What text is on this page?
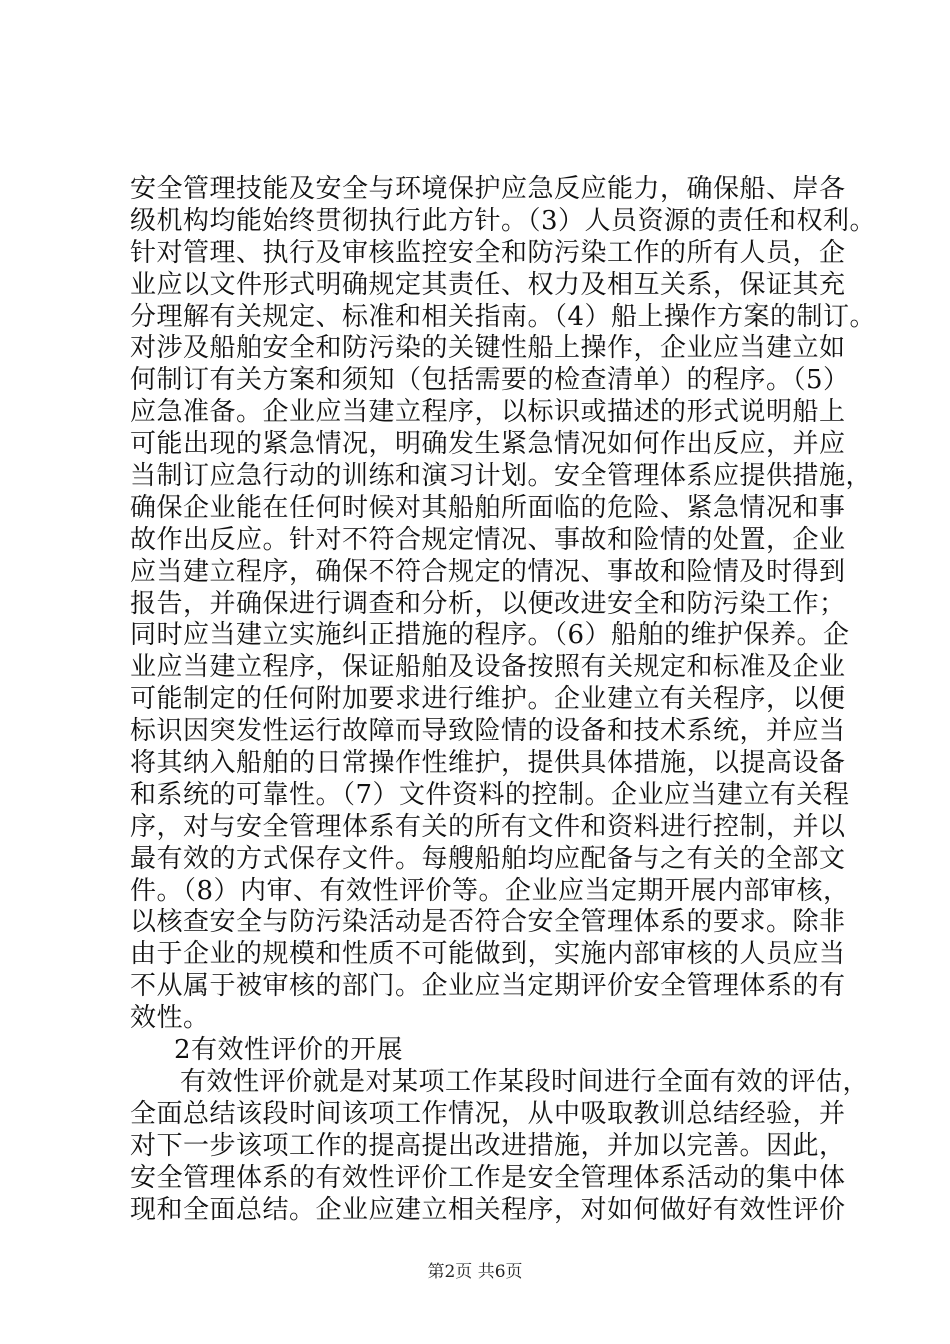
安全管理技能及安全与环境保护应急反应能力，确保船、岸各
级机构均能始终贯彻执行此方针。（3）人员资源的责任和权利。
针对管理、执行及审核监控安全和防污染工作的所有人员，企
业应以文件形式明确规定其责任、权力及相互关系，保证其充
分理解有关规定、标准和相关指南。（4）船上操作方案的制订。
对涉及船舶安全和防污染的关键性船上操作，企业应当建立如
何制订有关方案和须知（包括需要的检查清单）的程序。（5）
应急准备。企业应当建立程序，以标识或描述的形式说明船上
可能出现的紧急情况，明确发生紧急情况如何作出反应，并应
当制订应急行动的训练和演习计划。安全管理体系应提供措施，
确保企业能在任何时候对其船舶所面临的危险、紧急情况和事
故作出反应。针对不符合规定情况、事故和险情的处置，企业
应当建立程序，确保不符合规定的情况、事故和险情及时得到
报告，并确保进行调查和分析，以便改进安全和防污染工作；
同时应当建立实施纠正措施的程序。（6）船舶的维护保养。企
业应当建立程序，保证船舶及设备按照有关规定和标准及企业
可能制定的任何附加要求进行维护。企业建立有关程序，以便
标识因突发性运行故障而导致险情的设备和技术系统，并应当
将其纳入船舶的日常操作性维护，提供具体措施，以提高设备
和系统的可靠性。（7）文件资料的控制。企业应当建立有关程
序，对与安全管理体系有关的所有文件和资料进行控制，并以
最有效的方式保存文件。每艘船舶均应配备与之有关的全部文
件。（8）内审、有效性评价等。企业应当定期开展内部审核，
以核查安全与防污染活动是否符合安全管理体系的要求。除非
由于企业的规模和性质不可能做到，实施内部审核的人员应当
不从属于被审核的部门。企业应当定期评价安全管理体系的有
效性。
2有效性评价的开展
有效性评价就是对某项工作某段时间进行全面有效的评估，
全面总结该段时间该项工作情况，从中吸取教训总结经验，并
对下一步该项工作的提高提出改进措施，并加以完善。因此，
安全管理体系的有效性评价工作是安全管理体系活动的集中体
现和全面总结。企业应建立相关程序，对如何做好有效性评价
第2页 共6页
